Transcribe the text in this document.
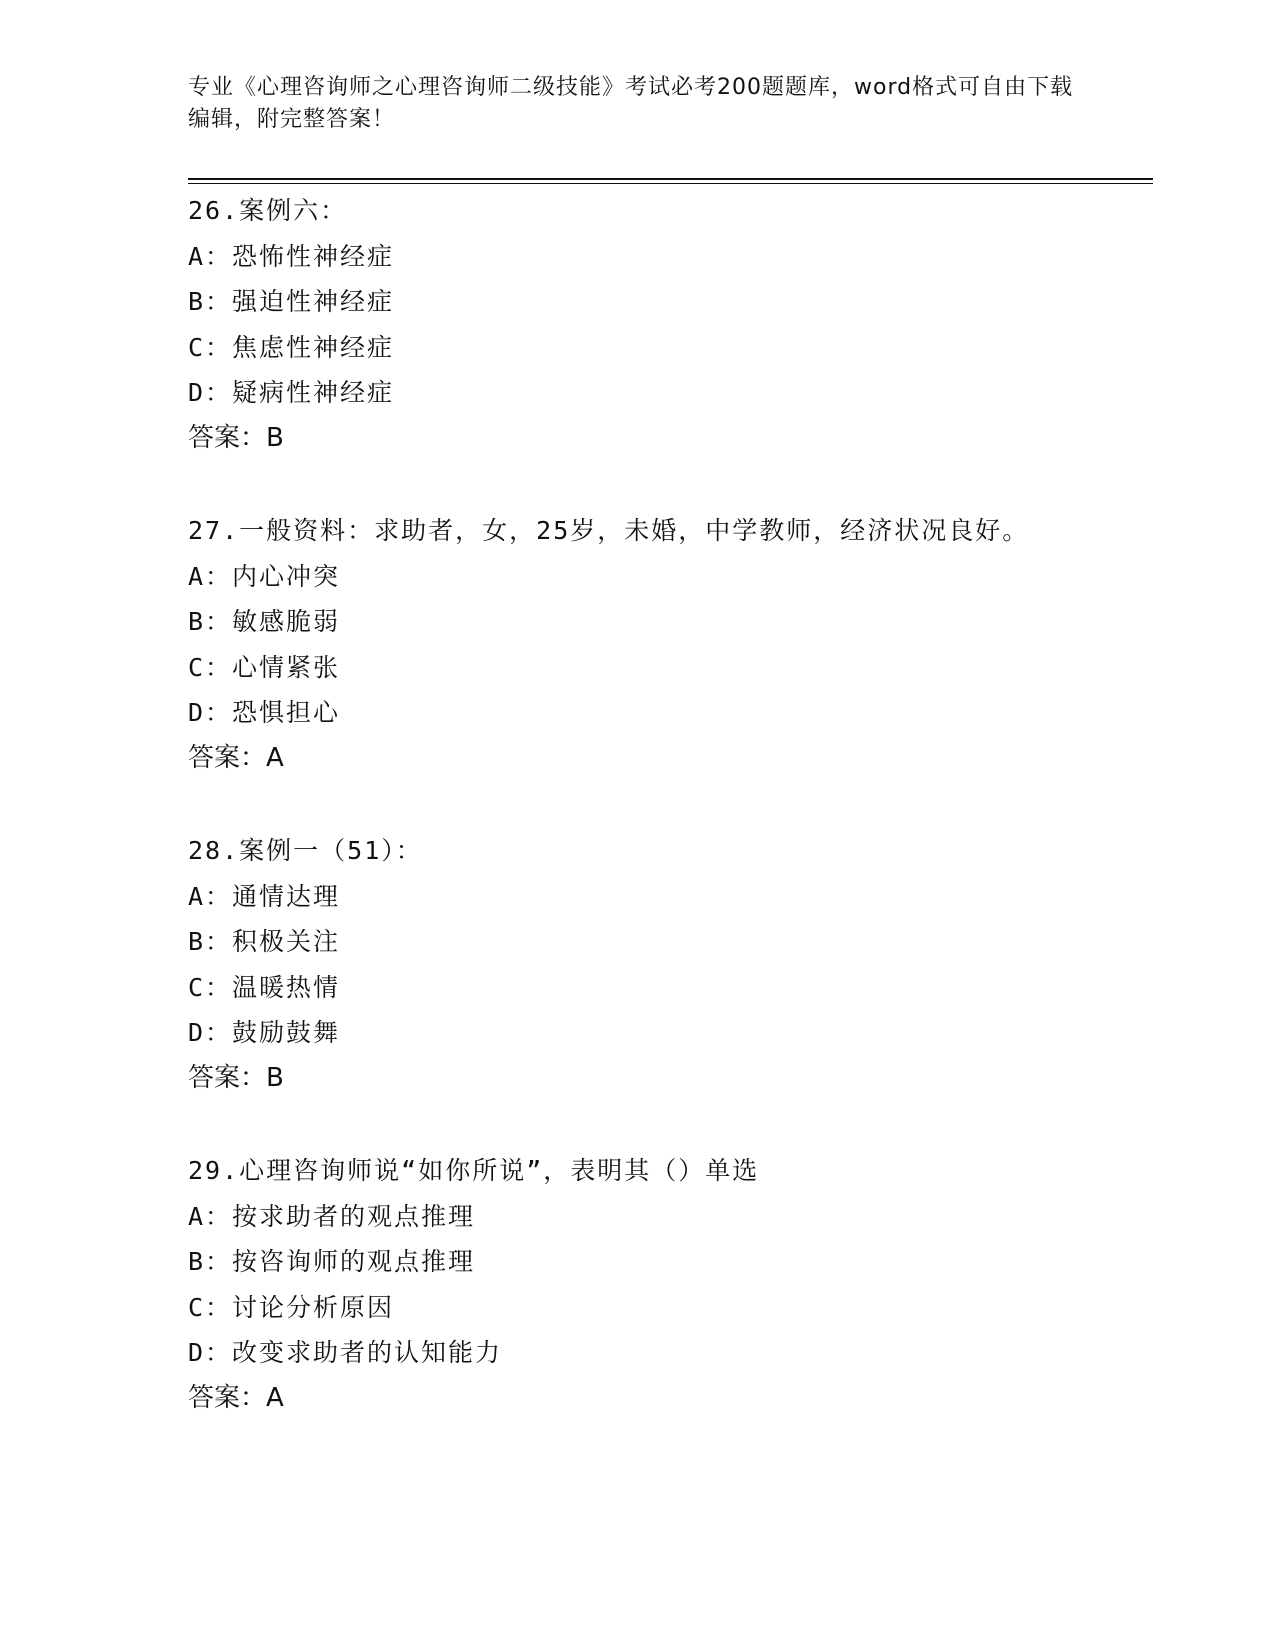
专业《心理咨询师之心理咨询师二级技能》考试必考200题题库，word格式可自由下载编辑，附完整答案！
26.案例六：
A：恐怖性神经症
B：强迫性神经症
C：焦虑性神经症
D：疑病性神经症
答案：B
27.一般资料：求助者，女，25岁，未婚，中学教师，经济状况良好。
A：内心冲突
B：敏感脆弱
C：心情紧张
D：恐惧担心
答案：A
28.案例一（51）：
A：通情达理
B：积极关注
C：温暖热情
D：鼓励鼓舞
答案：B
29.心理咨询师说“如你所说”，表明其（）单选
A：按求助者的观点推理
B：按咨询师的观点推理
C：讨论分析原因
D：改变求助者的认知能力
答案：A
